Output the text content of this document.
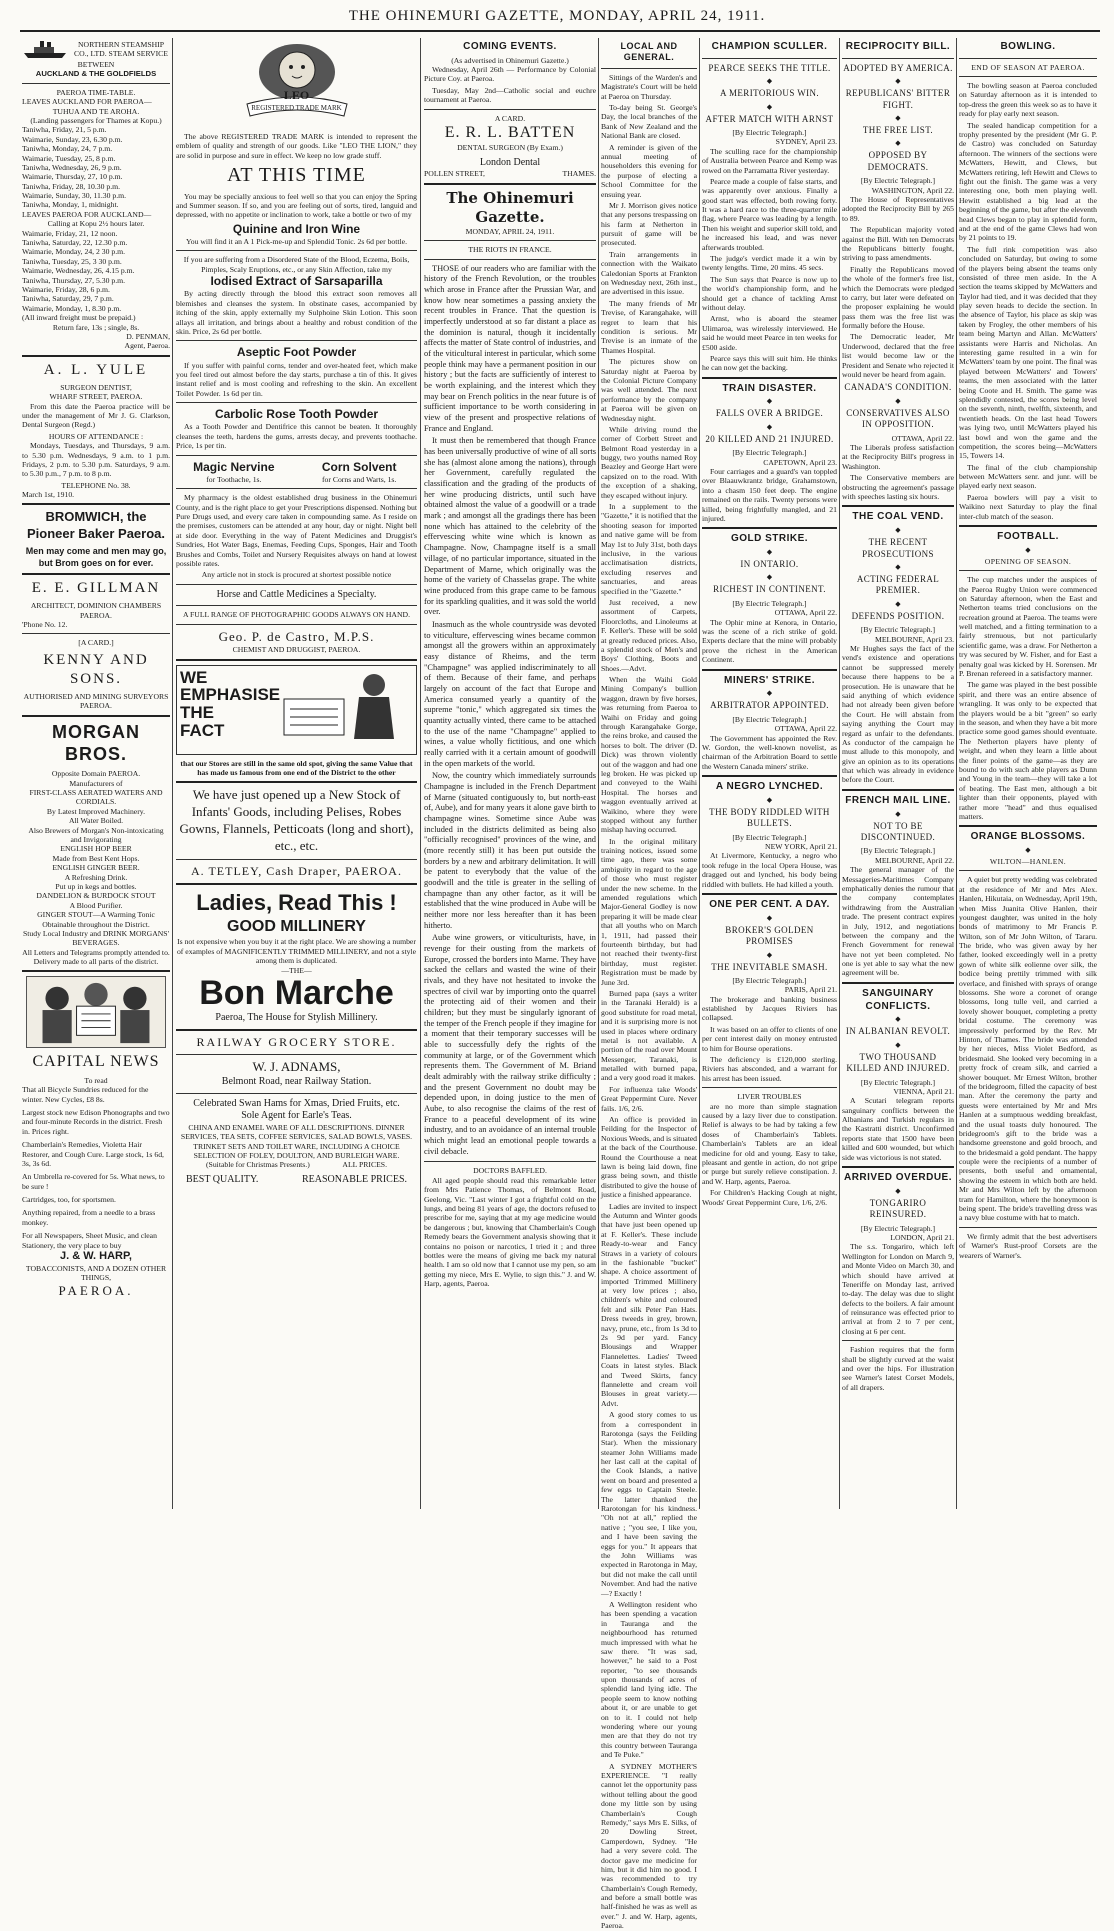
THE OHINEMURI GAZETTE, MONDAY, APRIL 24, 1911.
NORTHERN STEAMSHIP CO., LTD. STEAM SERVICE
BETWEEN
AUCKLAND & THE GOLDFIELDS
PAEROA TIME-TABLE.
LEAVES AUCKLAND FOR PAEROA—
TUHUA AND TE AROHA.
(Landing passengers for Thames at Kopu.)
Taniwha, Friday, 21, 5 p.m.
Waimarie, Sunday, 23, 6.30 p.m.
Taniwha, Monday, 24, 7 p.m.
Waimarie, Tuesday, 25, 8 p.m.
Taniwha, Wednesday, 26, 9 p.m.
Waimarie, Thursday, 27, 10 p.m.
Taniwha, Friday, 28, 10.30 p.m.
Waimarie, Sunday, 30, 11.30 p.m.
Taniwha, Monday, 1, midnight.
LEAVES PAEROA FOR AUCKLAND—
Calling at Kopu 2½ hours later.
Waimarie, Friday, 21, 12 noon.
Taniwha, Saturday, 22, 12.30 p.m.
Waimarie, Monday, 24, 2 30 p.m.
Taniwha, Tuesday, 25, 3 30 p.m.
Waimarie, Wednesday, 26, 4.15 p.m.
Taniwha, Thursday, 27, 5.30 p.m.
Waimarie, Friday, 28, 6 p.m.
Taniwha, Saturday, 29, 7 p.m.
Waimarie, Monday, 1, 8.30 p.m.
(All inward freight must be prepaid.)
Return fare, 13s ; single, 8s.
D. PENMAN,
Agent, Paeroa.
A. L. YULE
SURGEON DENTIST,
WHARF STREET, PAEROA.

From this date the Paeroa practice will be under the management of Mr J. G. Clarkson, Dental Surgeon (Regd.)

HOURS OF ATTENDANCE :

Mondays, Tuesdays, and Thursdays, 9 a.m. to 5.30 p.m. Wednesdays, 9 a.m. to 1 p.m. Fridays, 2 p.m. to 5.30 p.m. Saturdays, 9 a.m. to 5.30 p.m., 7 p.m. to 8 p.m.

TELEPHONE No. 38.
March 1st, 1910.
BROMWICH, the Pioneer Baker Paeroa.
Men may come and men may go, but Brom goes on for ever.
E. E. GILLMAN
ARCHITECT, DOMINION CHAMBERS PAEROA.
'Phone No. 12.
[A CARD.]
KENNY AND SONS.
AUTHORISED AND MINING SURVEYORS PAEROA.
MORGAN BROS.
Opposite Domain PAEROA.
Manufacturers of
FIRST-CLASS AERATED WATERS AND CORDIALS.
By Latest Improved Machinery.
All Water Boiled.
Also Brewers of Morgan's Non-intoxicating and Invigorating
ENGLISH HOP BEER
Made from Best Kent Hops.
ENGLISH GINGER BEER.
A Refreshing Drink.
Put up in kegs and bottles.
DANDELION & BURDOCK STOUT
A Blood Purifier.
GINGER STOUT—A Warming Tonic
Obtainable throughout the District.
Study Local Industry and DRINK MORGANS' BEVERAGES.
All Letters and Telegrams promptly attended to.
Delivery made to all parts of the district.
CAPITAL NEWS
To read
That all Bicycle Sundries reduced for the winter. New Cycles, £8 8s.
Largest stock new Edison Phonographs and two and four-minute Records in the district. Fresh in. Prices right.
Chamberlain's Remedies, Violetta Hair Restorer, and Cough Cure. Large stock, 1s 6d, 3s, 3s 6d.
An Umbrella re-covered for 5s. What news, to be sure !
Cartridges, too, for sportsmen.
Anything repaired, from a needle to a brass monkey.
For all Newspapers, Sheet Music, and clean Stationery, the very place to buy
J. & W. HARP,
TOBACCONISTS, AND A DOZEN OTHER THINGS,
PAEROA.
LEO
REGISTERED TRADE MARK

The above REGISTERED TRADE MARK is intended to represent the emblem of quality and strength of our goods. Like "LEO THE LION," they are solid in purpose and sure in effect. We keep no low grade stuff.

AT THIS TIME

You may be specially anxious to feel well so that you can enjoy the Spring and Summer season. If so, and you are feeling out of sorts, tired, languid and depressed, with no appetite or inclination to work, take a bottle or two of my

Quinine and Iron Wine
You will find it an A 1 Pick-me-up and Splendid Tonic. 2s 6d per bottle.
If you are suffering from a Disordered State of the Blood, Eczema, Boils, Pimples, Scaly Eruptions, etc., or any Skin Affection, take my
Iodised Extract of Sarsaparilla

By acting directly through the blood this extract soon removes all blemishes and cleanses the system. In obstinate cases, accompanied by itching of the skin, apply externally my Sulphoine Skin Lotion. This soon allays all irritation, and brings about a healthy and robust condition of the skin. Price, 2s 6d per bottle.

Aseptic Foot Powder

If you suffer with painful corns, tender and over-heated feet, which make you feel tired out almost before the day starts, purchase a tin of this. It gives instant relief and is most cooling and refreshing to the skin. An excellent Toilet Powder. 1s 6d per tin.

Carbolic Rose Tooth Powder

As a Tooth Powder and Dentifrice this cannot be beaten. It thoroughly cleanses the teeth, hardens the gums, arrests decay, and prevents toothache. Price, 1s per tin.

Magic Nervine
for Toothache, 1s.
Corn Solvent
for Corns and Warts, 1s.

My pharmacy is the oldest established drug business in the Ohinemuri County, and is the right place to get your Prescriptions dispensed. Nothing but Pure Drugs used, and every care taken in compounding same. As I reside on the premises, customers can be attended at any hour, day or night. Night bell at side door. Everything in the way of Patent Medicines and Druggist's Sundries, Hot Water Bags, Enemas, Feeding Cups, Sponges, Hair and Tooth Brushes and Combs, Toilet and Nursery Requisites always on hand at lowest possible rates.

Any article not in stock is procured at shortest possible notice
Horse and Cattle Medicines a Specialty.
A FULL RANGE OF PHOTOGRAPHIC GOODS ALWAYS ON HAND.
Geo. P. de Castro, M.P.S.
CHEMIST AND DRUGGIST, PAEROA.
WE
EMPHASISE
THE
FACT
that our Stores are still in the same old spot, giving the same Value that has made us famous from one end of the District to the other
We have just opened up a New Stock of Infants' Goods, including Pelises, Robes Gowns, Flannels, Petticoats (long and short), etc., etc.
A. TETLEY, Cash Draper, PAEROA.
Ladies, Read This !
GOOD MILLINERY

Is not expensive when you buy it at the right place. We are showing a number of examples of MAGNIFICENTLY TRIMMED MILLINERY, and not a style among them is duplicated.

—THE—
Bon Marche
Paeroa, The House for Stylish Millinery.
RAILWAY GROCERY STORE.
W. J. ADNAMS,
Belmont Road, near Railway Station.
Celebrated Swan Hams for Xmas, Dried Fruits, etc.
Sole Agent for Earle's Teas.
CHINA AND ENAMEL WARE OF ALL DESCRIPTIONS. DINNER SERVICES, TEA SETS, COFFEE SERVICES, SALAD BOWLS, VASES.
TRINKET SETS AND TOILET WARE, INCLUDING A CHOICE SELECTION OF FOLEY, DOULTON, AND BURLEIGH WARE.
(Suitable for Christmas Presents.)	ALL PRICES.
BEST QUALITY.	REASONABLE PRICES.
COMING EVENTS.
(As advertised in Ohinemuri Gazette.)

Wednesday, April 26th — Performance by Colonial Picture Coy. at Paeroa.

Tuesday, May 2nd—Catholic social and euchre tournament at Paeroa.

A CARD.
E. R. L. BATTEN
DENTAL SURGEON (By Exam.)
London Dental
POLLEN STREET,	THAMES.
The Ohinemuri Gazette.
MONDAY, APRIL 24, 1911.
THE RIOTS IN FRANCE.

THOSE of our readers who are familiar with the history of the French Revolution, or the troubles which arose in France after the Prussian War, and know how near sometimes a passing anxiety the recent troubles in France. That the question is imperfectly understood at so far distant a place as the dominion is natural, though it incidentally affects the matter of State control of industries, and of the viticultural interest in particular, which some people think may have a permanent position in our history ; but the facts are sufficiently of interest to be worth explaining, and the interest which they may bear on French politics in the near future is of sufficient importance to be worth considering in view of the present and prospective relations of France and England.

It must then be remembered that though France has been universally productive of wine of all sorts she has (almost alone among the nations), through her Government, carefully regulated the classification and the grading of the products of her wine producing districts, until such have obtained almost the value of a goodwill or a trade mark ; and amongst all the gradings there has been none which has attained to the celebrity of the effervescing white wine which is known as Champagne. Now, Champagne itself is a small village, of no particular importance, situated in the Department of Marne, which originally was the home of the variety of Chasselas grape. The white wine produced from this grape came to be famous for its sparkling qualities, and it was sold the world over.

Inasmuch as the whole countryside was devoted to viticulture, effervescing wines became common amongst all the growers within an approximately easy distance of Rheims, and the term "Champagne" was applied indiscriminately to all of them. Because of their fame, and perhaps largely on account of the fact that Europe and America consumed yearly a quantity of the supreme "tonic," which aggregated six times the quantity actually vinted, there came to be attached to the use of the name "Champagne" applied to wines, a value wholly fictitious, and one which really carried with it a certain amount of goodwill in the open markets of the world.

Now, the country which immediately surrounds Champagne is included in the French Department of Marne (situated contiguously to, but north-east of, Aube), and for many years it alone gave birth to champagne wines. Sometime since Aube was included in the districts delimited as being also "officially recognised" provinces of the wine, and (more recently still) it has been put outside the borders by a new and arbitrary delimitation. It will be patent to everybody that the value of the goodwill and the title is greater in the selling of champagne than any other factor, as it will be established that the wine produced in Aube will be neither more nor less hereafter than it has been hitherto.

Aube wine growers, or viticulturists, have, in revenge for their ousting from the markets of Europe, crossed the borders into Marne. They have sacked the cellars and wasted the wine of their rivals, and they have not hesitated to invoke the spectres of civil war by importing onto the quarrel the protecting aid of their women and their children; but they must be singularly ignorant of the temper of the French people if they imagine for a moment that their temporary successes will be able to successfully defy the rights of the community at large, or of the Government which represents them. The Government of M. Briand dealt admirably with the railway strike difficulty ; and the present Government no doubt may be depended upon, in doing justice to the men of Aube, to also recognise the claims of the rest of France to a peaceful development of its wine industry, and to an avoidance of an internal trouble which might lead an emotional people towards a civil debacle.

DOCTORS BAFFLED.

All aged people should read this remarkable letter from Mrs Patience Thomas, of Belmont Road, Geelong, Vic. "Last winter I got a frightful cold on the lungs, and being 81 years of age, the doctors refused to prescribe for me, saying that at my age medicine would be dangerous ; but, knowing that Chamberlain's Cough Remedy bears the Government analysis showing that it contains no poison or narcotics, I tried it ; and three bottles were the means of giving me back my natural health. I am so old now that I cannot use my pen, so am getting my niece, Mrs E. Wylie, to sign this." J. and W. Harp, agents, Paeroa.

LOCAL AND GENERAL.

Sittings of the Warden's and Magistrate's Court will be held at Paeroa on Thursday.

To-day being St. George's Day, the local branches of the Bank of New Zealand and the National Bank are closed.

A reminder is given of the annual meeting of householders this evening for the purpose of electing a School Committee for the ensuing year.

Mr J. Morrison gives notice that any persons trespassing on his farm at Netherton in pursuit of game will be prosecuted.

Train arrangements in connection with the Waikato Caledonian Sports at Frankton on Wednesday next, 26th inst., are advertised in this issue.

The many friends of Mr Trevise, of Karangahake, will regret to learn that his condition is serious. Mr Trevise is an inmate of the Thames Hospital.

The pictures show on Saturday night at Paeroa by the Colonial Picture Company was well attended. The next performance by the company at Paeroa will be given on Wednesday night.

While driving round the corner of Corbett Street and Belmont Road yesterday in a buggy, two youths named Roy Beazley and George Hart were capsized on to the road. With the exception of a shaking, they escaped without injury.

In a supplement to the "Gazette," it is notified that the shooting season for imported and native game will be from May 1st to July 31st, both days inclusive, in the various acclimatisation districts, excluding reserves and sanctuaries, and areas specified in the "Gazette."

Just received, a new assortment of Carpets, Floorcloths, and Linoleums at F. Keller's. These will be sold at greatly reduced prices. Also, a splendid stock of Men's and Boys' Clothing, Boots and Shoes.—Advt.

When the Waihi Gold Mining Company's bullion waggon, drawn by five horses, was returning from Paeroa to Waihi on Friday and going through Karangahake Gorge, the reins broke, and caused the horses to bolt. The driver (D. Dick) was thrown violently out of the waggon and had one leg broken. He was picked up and conveyed to the Waihi Hospital. The horses and waggon eventually arrived at Waikino, where they were stopped without any further mishap having occurred.

In the original military training notices, issued some time ago, there was some ambiguity in regard to the age of those who must register under the new scheme. In the amended regulations which Major-General Godley is now preparing it will be made clear that all youths who on March 1, 1911, had passed their fourteenth birthday, but had not reached their twenty-first birthday, must register. Registration must be made by June 3rd.

Burned papa (says a writer in the Taranaki Herald) is a good substitute for road metal, and it is surprising more is not used in places where ordinary metal is not available. A portion of the road over Mount Messenger, Taranaki, is metalled with burned papa, and a very good road it makes.

For influenza take Woods' Great Peppermint Cure. Never fails. 1/6, 2/6.

An office is provided in Feilding for the Inspector of Noxious Weeds, and is situated at the back of the Courthouse. Round the Courthouse a neat lawn is being laid down, fine grass being sown, and thistle distributed to give the house of justice a finished appearance.

Ladies are invited to inspect the Autumn and Winter goods that have just been opened up at F. Keller's. These include Ready-to-wear and Fancy Straws in a variety of colours in the fashionable "bucket" shape. A choice assortment of imported Trimmed Millinery at very low prices ; also, children's white and coloured felt and silk Peter Pan Hats. Dress tweeds in grey, brown, navy, prune, etc., from 1s 3d to 2s 9d per yard. Fancy Blousings and Wrapper Flannelettes. Ladies' Tweed Coats in latest styles. Black and Tweed Skirts, fancy flannelette and cream voil Blouses in great variety.—Advt.

A good story comes to us from a correspondent in Rarotonga (says the Feilding Star). When the missionary steamer John Williams made her last call at the capital of the Cook Islands, a native went on board and presented a few eggs to Captain Steele. The latter thanked the Rarotongan for his kindness. "Oh not at all," replied the native ; "you see, I like you, and I have been saving the eggs for you." It appears that the John Williams was expected in Rarotonga in May, but did not make the call until November. And had the native—? Exactly !

A Wellington resident who has been spending a vacation in Tauranga and the neighbourhood has returned much impressed with what he saw there. "It was sad, however," he said to a Post reporter, "to see thousands upon thousands of acres of splendid land lying idle. The people seem to know nothing about it, or are unable to get on to it. I could not help wondering where our young men are that they do not try this country between Tauranga and Te Puke."

A SYDNEY MOTHER'S EXPERIENCE. "I really cannot let the opportunity pass without telling about the good done my little son by using Chamberlain's Cough Remedy," says Mrs E. Silks, of 20 Dowling Street, Camperdown, Sydney. "He had a very severe cold. The doctor gave me medicine for him, but it did him no good. I was recommended to try Chamberlain's Cough Remedy, and before a small bottle was half-finished he was as well as ever." J. and W. Harp, agents, Paeroa.

CHAMPION SCULLER.
PEARCE SEEKS THE TITLE.
◆
A MERITORIOUS WIN.
◆
AFTER MATCH WITH ARNST
[By Electric Telegraph.]
SYDNEY, April 23.

The sculling race for the championship of Australia between Pearce and Kemp was rowed on the Parramatta River yesterday.

Pearce made a couple of false starts, and was apparently over anxious. Finally a good start was effected, both rowing forty. It was a hard race to the three-quarter mile flag, where Pearce was leading by a length. Then his weight and superior skill told, and he increased his lead, and was never afterwards troubled.

The judge's verdict made it a win by twenty lengths. Time, 20 mins. 45 secs.

The Sun says that Pearce is now up to the world's championship form, and he should get a chance of tackling Arnst without delay.

Arnst, who is aboard the steamer Ulimaroa, was wirelessly interviewed. He said he would meet Pearce in ten weeks for £500 aside.

Pearce says this will suit him. He thinks he can now get the backing.

TRAIN DISASTER.
◆
FALLS OVER A BRIDGE.
◆
20 KILLED AND 21 INJURED.
[By Electric Telegraph.]
CAPETOWN, April 23.

Four carriages and a guard's van toppled over Blaauwkrantz bridge, Grahamstown, into a chasm 150 feet deep. The engine remained on the rails. Twenty persons were killed, being frightfully mangled, and 21 injured.

GOLD STRIKE.
◆
IN ONTARIO.
◆
RICHEST IN CONTINENT.
[By Electric Telegraph.]
OTTAWA, April 22.

The Ophir mine at Kenora, in Ontario, was the scene of a rich strike of gold. Experts declare that the mine will probably prove the richest in the American Continent.

MINERS' STRIKE.
◆
ARBITRATOR APPOINTED.
[By Electric Telegraph.]
OTTAWA, April 22.

The Government has appointed the Rev. W. Gordon, the well-known novelist, as chairman of the Arbitration Board to settle the Western Canada miners' strike.

A NEGRO LYNCHED.
◆
THE BODY RIDDLED WITH BULLETS.
[By Electric Telegraph.]
NEW YORK, April 21.

At Livermore, Kentucky, a negro who took refuge in the local Opera House, was dragged out and lynched, his body being riddled with bullets. He had killed a youth.

ONE PER CENT. A DAY.
◆
BROKER'S GOLDEN PROMISES
◆
THE INEVITABLE SMASH.
[By Electric Telegraph.]
PARIS, April 21.

The brokerage and banking business established by Jacques Riviers has collapsed.

It was based on an offer to clients of one per cent interest daily on money entrusted to him for Bourse operations.

The deficiency is £120,000 sterling. Riviers has absconded, and a warrant for his arrest has been issued.

LIVER TROUBLES

are no more than simple stagnation caused by a lazy liver due to constipation. Relief is always to be had by taking a few doses of Chamberlain's Tablets. Chamberlain's Tablets are an ideal medicine for old and young. Easy to take, pleasant and gentle in action, do not gripe or purge but surely relieve constipation. J. and W. Harp, agents, Paeroa.

For Children's Hacking Cough at night, Woods' Great Peppermint Cure, 1/6, 2/6.

RECIPROCITY BILL.
ADOPTED BY AMERICA.
◆
REPUBLICANS' BITTER FIGHT.
◆
THE FREE LIST.
◆
OPPOSED BY DEMOCRATS.
[By Electric Telegraph.]
WASHINGTON, April 22.

The House of Representatives adopted the Reciprocity Bill by 265 to 89.

The Republican majority voted against the Bill. With ten Democrats the Republicans bitterly fought, striving to pass amendments.

Finally the Republicans moved the whole of the former's free list, which the Democrats were pledged to carry, but later were defeated on the proposer explaining he would pass them was the free list was formally before the House.

The Democratic leader, Mr Underwood, declared that the free list would become law or the President and Senate who rejected it would never be heard from again.

CANADA'S CONDITION.
◆
CONSERVATIVES ALSO IN OPPOSITION.
OTTAWA, April 22.

The Liberals profess satisfaction at the Reciprocity Bill's progress in Washington.

The Conservative members are obstructing the agreement's passage with speeches lasting six hours.

THE COAL VEND.
◆
THE RECENT PROSECUTIONS
◆
ACTING FEDERAL PREMIER.
◆
DEFENDS POSITION.
[By Electric Telegraph.]
MELBOURNE, April 23.

Mr Hughes says the fact of the vend's existence and operations cannot be suppressed merely because there happens to be a prosecution. He is unaware that he said anything of which evidence had not already been given before the Court. He will abstain from saying anything the Court may regard as unfair to the defendants. As conductor of the campaign he must allude to this monopoly, and give an opinion as to its operations that which was already in evidence before the Court.

FRENCH MAIL LINE.
◆
NOT TO BE DISCONTINUED.
[By Electric Telegraph.]
MELBOURNE, April 22.

The general manager of the Messageries-Maritimes Company emphatically denies the rumour that the company contemplates withdrawing from the Australian trade. The present contract expires in July, 1912, and negotiations between the company and the French Government for renewal have not yet been completed. No one is yet able to say what the new agreement will be.

SANGUINARY CONFLICTS.
◆
IN ALBANIAN REVOLT.
◆
TWO THOUSAND KILLED AND INJURED.
[By Electric Telegraph.]
VIENNA, April 21.

A Scutari telegram reports sanguinary conflicts between the Albanians and Turkish regulars in the Kastratti district. Unconfirmed reports state that 1500 have been killed and 600 wounded, but which side was victorious is not stated.

ARRIVED OVERDUE.
◆
TONGARIRO REINSURED.
[By Electric Telegraph.]
LONDON, April 21.

The s.s. Tongariro, which left Wellington for London on March 9, and Monte Video on March 30, and which should have arrived at Teneriffe on Monday last, arrived to-day. The delay was due to slight defects to the boilers. A fair amount of reinsurance was effected prior to arrival at from 2 to 7 per cent, closing at 6 per cent.

Fashion requires that the form shall be slightly curved at the waist and over the hips. For illustration see Warner's latest Corset Models, of all drapers.

BOWLING.
END OF SEASON AT PAEROA.

The bowling season at Paeroa concluded on Saturday afternoon as it is intended to top-dress the green this week so as to have it ready for play early next season.

The sealed handicap competition for a trophy presented by the president (Mr G. P. de Castro) was concluded on Saturday afternoon. The winners of the sections were McWatters, Hewitt, and Clews, but McWatters retiring, left Hewitt and Clews to fight out the finish. The game was a very interesting one, both men playing well. Hewitt established a big lead at the beginning of the game, but after the eleventh head Clews began to play in splendid form, and at the end of the game Clews had won by 21 points to 19.

The full rink competition was also concluded on Saturday, but owing to some of the players being absent the teams only consisted of three men aside. In the A section the teams skipped by McWatters and Taylor had tied, and it was decided that they play seven heads to decide the section. In the absence of Taylor, his place as skip was taken by Frogley, the other members of his team being Martyn and Allan. McWatters' assistants were Harris and Nicholas. An interesting game resulted in a win for McWatters' team by one point. The final was played between McWatters' and Towers' teams, the men associated with the latter being Coote and H. Smith. The game was splendidly contested, the scores being level on the seventh, ninth, twelfth, sixteenth, and twentieth heads. On the last head Towers was lying two, until McWatters played his last bowl and won the game and the competition, the scores being—McWatters 15, Towers 14.

The final of the club championship between McWatters senr. and junr. will be played early next season.

Paeroa bowlers will pay a visit to Waikino next Saturday to play the final inter-club match of the season.

FOOTBALL.
◆
OPENING OF SEASON.

The cup matches under the auspices of the Paeroa Rugby Union were commenced on Saturday afternoon, when the East and Netherton teams tried conclusions on the recreation ground at Paeroa. The teams were well matched, and a fitting termination to a fairly strenuous, but not particularly scientific game, was a draw. For Netherton a try was secured by W. Fisher, and for East a penalty goal was kicked by H. Sorensen. Mr P. Brenan refereed in a satisfactory manner.

The game was played in the best possible spirit, and there was an entire absence of wrangling. It was only to be expected that the players would be a bit "green" so early in the season, and when they have a bit more practice some good games should eventuate. The Netherton players have plenty of weight, and when they learn a little about the finer points of the game—as they are bound to do with such able players as Dunn and Young in the team—they will take a lot of beating. The East men, although a bit lighter than their opponents, played with rather more "head" and thus equalised matters.

ORANGE BLOSSOMS.
◆
WILTON—HANLEN.

A quiet but pretty wedding was celebrated at the residence of Mr and Mrs Alex. Hanlen, Hikutaia, on Wednesday, April 19th, when Miss Juanita Olive Hanlen, their youngest daughter, was united in the holy bonds of matrimony to Mr Francis P. Wilton, son of Mr John Wilton, of Tararu. The bride, who was given away by her father, looked exceedingly well in a pretty gown of white silk eolienne over silk, the bodice being prettily trimmed with silk overlace, and finished with sprays of orange blossoms. She wore a coronet of orange blossoms, long tulle veil, and carried a lovely shower bouquet, completing a pretty bridal costume. The ceremony was impressively performed by the Rev. Mr Hinton, of Thames. The bride was attended by her nieces, Miss Violet Bedford, as bridesmaid. She looked very becoming in a pretty frock of cream silk, and carried a shower bouquet. Mr Ernest Wilton, brother of the bridegroom, filled the capacity of best man. After the ceremony the party and guests were entertained by Mr and Mrs Hanlen at a sumptuous wedding breakfast, and the usual toasts duly honoured. The bridegroom's gift to the bride was a handsome greenstone and gold brooch, and to the bridesmaid a gold pendant. The happy couple were the recipients of a number of presents, both useful and ornamental, showing the esteem in which both are held. Mr and Mrs Wilton left by the afternoon tram for Hamilton, where the honeymoon is being spent. The bride's travelling dress was a navy blue costume with hat to match.

We firmly admit that the best advertisers of Warner's Rust-proof Corsets are the wearers of Warner's.
